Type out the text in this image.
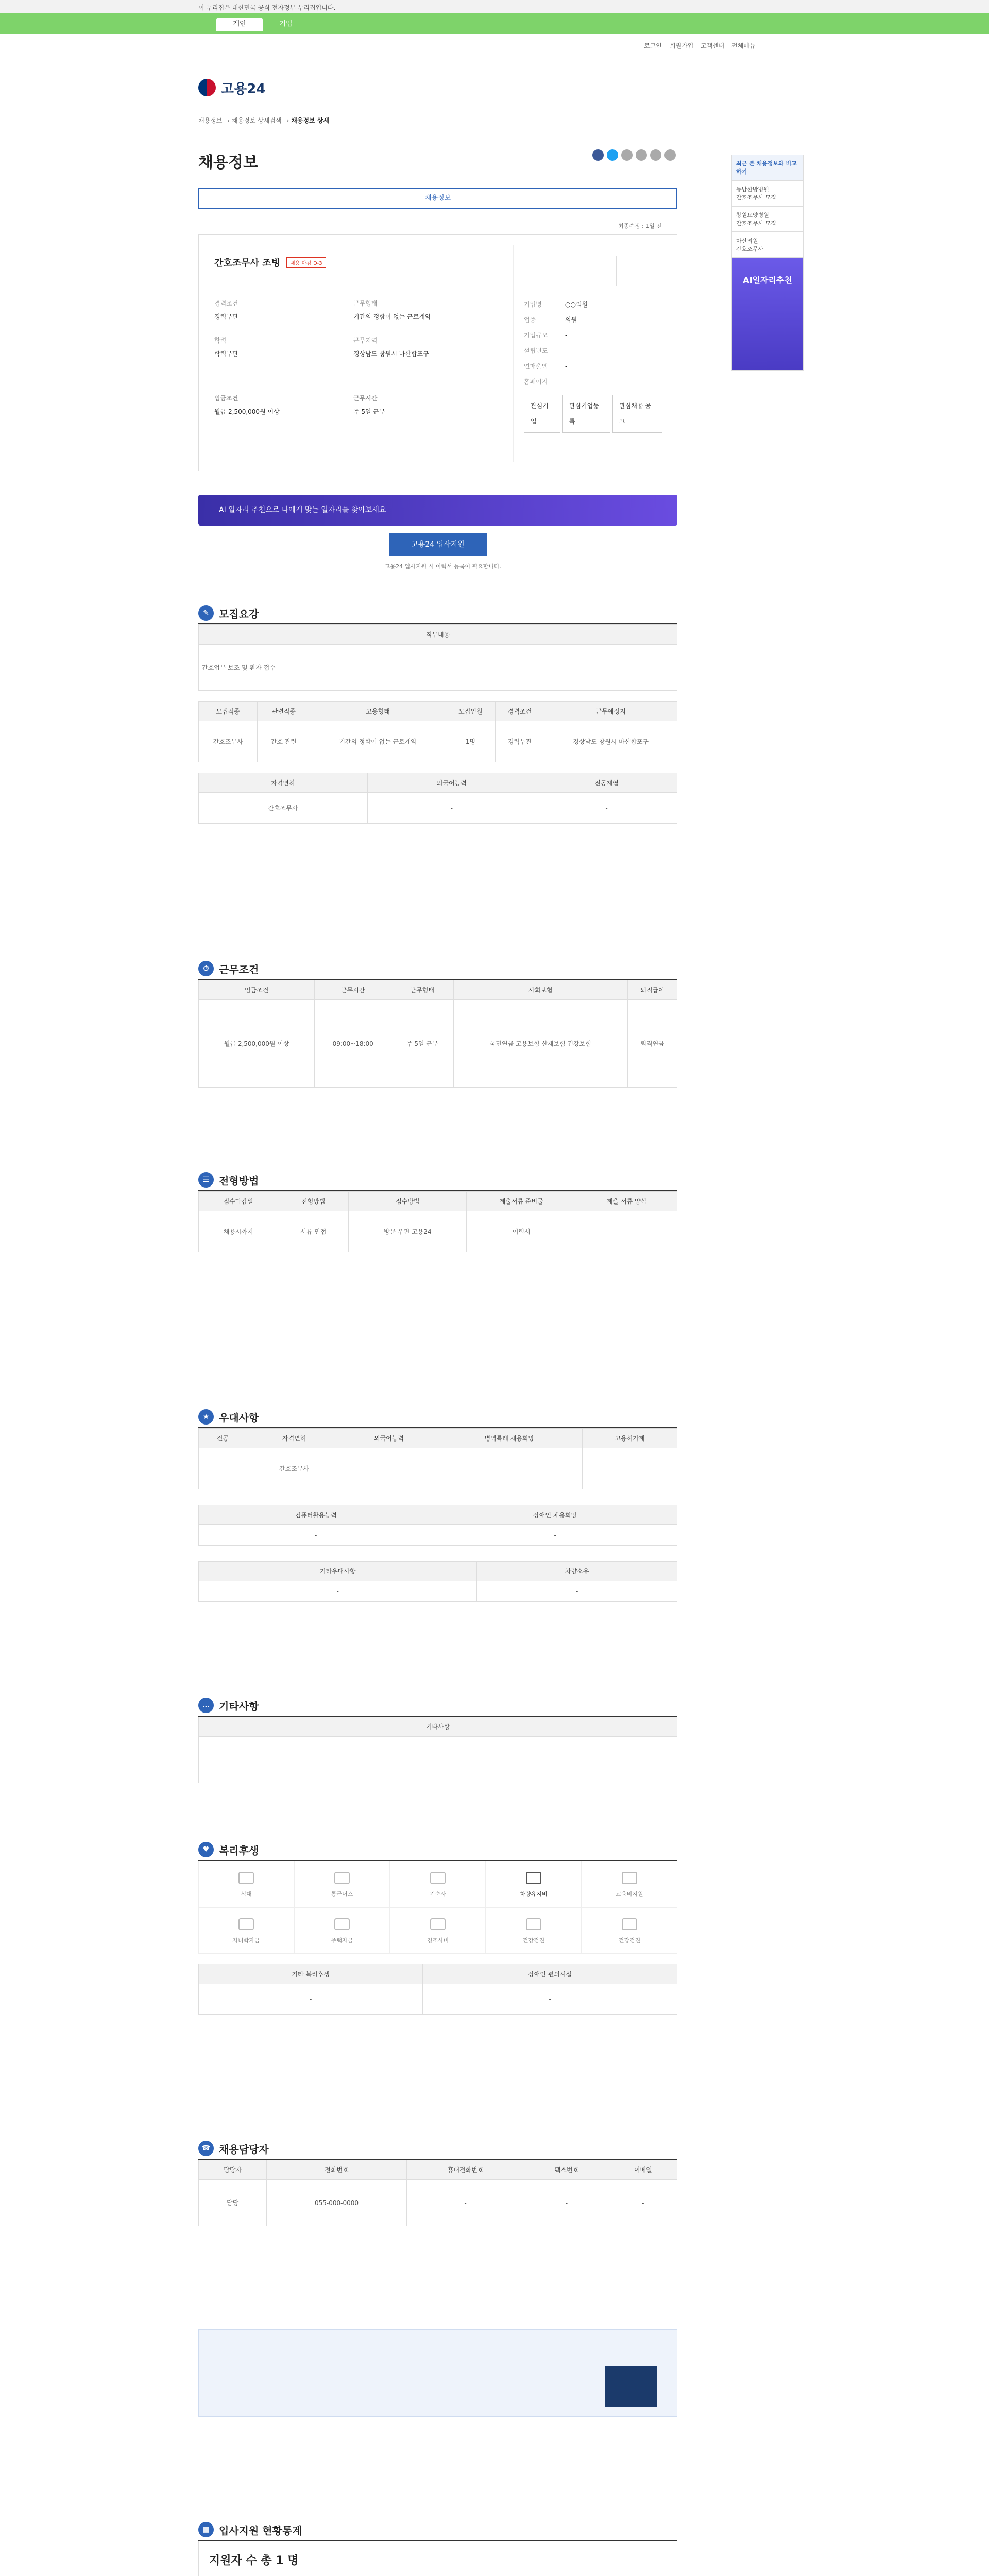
이 누리집은 대한민국 공식 전자정부 누리집입니다.
개인	기업
로그인 회원가입 고객센터 전체메뉴
고용24
채용정보 › 채용정보 상세검색 › 채용정보 상세
채용정보
채용정보
최종수정 : 1일 전
간호조무사 조빙	채용 마감 D-3
경력조건
경력무관
학력
학력무관
임금조건
월급 2,500,000원 이상
근무형태
기간의 정함이 없는 근로계약
근무지역
경상남도 창원시 마산합포구
근무시간
주 5일 근무
기업명	○○의원
업종	의원
기업규모	-
설립년도	-
연매출액	-
홈페이지	-
관심기업
관심기업등록
관심채용 공고
AI 일자리 추천으로 나에게 맞는 일자리를 찾아보세요
고용24 입사지원
고용24 입사지원 시 이력서 등록이 필요합니다.
최근 본 채용정보와 비교하기
동남한방병원
간호조무사 모집
창원요양병원
간호조무사 모집
마산의원
간호조무사
AI일자리추천
✎ 모집요강
직무내용
간호업무 보조 및 환자 접수
모집직종	관련직종	고용형태	모집인원	경력조건	근무예정지
간호조무사	간호 관련	기간의 정함이 없는 근로계약	1명	경력무관	경상남도 창원시 마산합포구
자격면허	외국어능력	전공계열
간호조무사	-	-
⏱ 근무조건
임금조건	근무시간	근무형태	사회보험	퇴직급여
월급 2,500,000원 이상	09:00~18:00	주 5일 근무	국민연금 고용보험 산재보험 건강보험	퇴직연금
☰ 전형방법
접수마감일	전형방법	접수방법	제출서류 준비물	제출 서류 양식
채용시까지	서류 면접	방문 우편 고용24	이력서	-
★ 우대사항
전공	자격면허	외국어능력	병역특례 채용희망	고용허가제
-	간호조무사	-	-	-
컴퓨터활용능력	장애인 채용희망
-	-
기타우대사항	차량소유
-	-
… 기타사항
기타사항
-
♥ 복리후생
식대	통근버스	기숙사	차량유지비	교육비지원
자녀학자금	주택자금	경조사비	건강검진	건강검진
기타 복리후생	장애인 편의시설
-	-
☎ 채용담당자
담당자	전화번호	휴대전화번호	팩스번호	이메일
담당	055-000-0000	-	-	-
▦ 입사지원 현황통계
지원자 수 총 1 명
